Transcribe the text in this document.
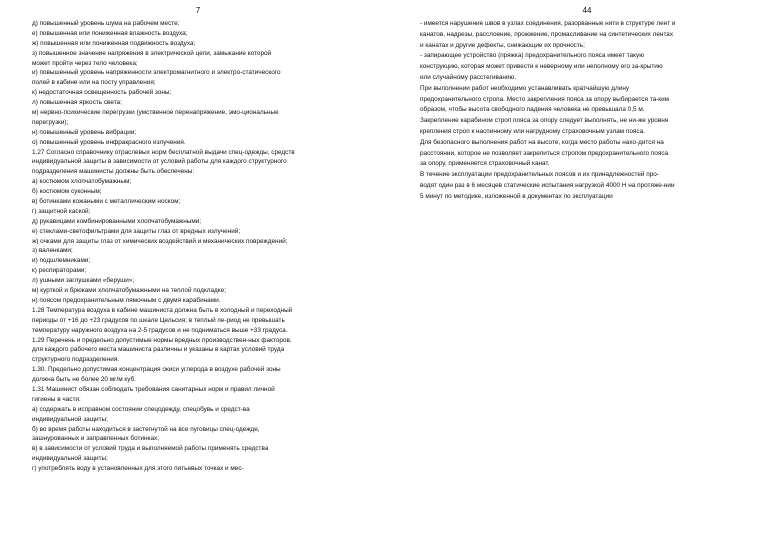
7
д) повышенный уровень шума на рабочем месте;
е) повышенная или пониженная влажность воздуха;
ж) повышенная или пониженная подвижность воздуха;
з) повышенное значение напряжения в электрической цепи, замыкание которой
может пройти через тело человека;
и) повышенный уровень напряженности электромагнитного и электро-статического
полей в кабине или на посту управления;
к) недостаточная освещенность рабочей зоны;
л) повышенная яркость света;
м) нервно-психические перегрузки (умственное перенапряжение, эмо-циональные
перегрузки);
н) повышенный уровень вибрации;
о) повышенный уровень инфракрасного излучения.
1.27 Согласно справочнику отраслевых норм бесплатной выдачи спец-одежды, средств
индивидуальной защиты в зависимости от условий работы для каждого структурного
подразделения машинисты должны быть обеспечены:
а) костюмом хлопчатобумажным;
б) костюмом суконным;
в) ботинками кожаными с металлическим носком;
г) защитной каской;
д) рукавицами комбинированными хлопчатобумажными;
е) стеклами-светофильтрами для защиты глаз от вредных излучений;
ж) очками для защиты глаз от химических воздействий и механических повреждений;
з) валенками;
и) подшлемниками;
к) респираторами;
л) ушными заглушками «беруши»;
м) курткой и брюками хлопчатобумажными на теплой подкладке;
н) поясом предохранительным лямочным с двумя карабинами.
1.28 Температура воздуха в кабине машиниста должна быть в холодный и переходный
периоды от +16 до +23 градусов по шкале Цельсия; в теплый пе-риод не превышать
температуру наружного воздуха на 2-5 градусов и не подниматься выше +33 градуса.
1.29 Перечень и предельно допустимые нормы вредных производствен-ных факторов,
для каждого рабочего места машиниста различны и указаны в картах условий труда
структурного подразделения.
1.30. Предельно допустимая концентрация окиси углерода в воздухе рабочей зоны
должна быть не более 20 мг/м куб.
1.31 Машинист обязан соблюдать требования санитарных норм и правил личной
гигиены в части:
а) содержать в исправном состоянии спецодежду, спецобувь и средст-ва
индивидуальной защиты;
б) во время работы находиться в застегнутой на все пуговицы спец-одежде,
зашнурованных и заправленных ботинках;
в) в зависимости от условий труда и выполняемой работы применять средства
индивидуальной защиты;
г) употреблять воду в установленных для этого питьевых точках и мес-
44
- имеется нарушение швов в узлах соединения, разорванные нити в структуре лент и
канатов, надрезы, расслоение, прожжение, промасливание на синтетических лентах
и канатах и другие дефекты, снижающие их прочность;
- запирающее устройство (пряжка) предохранительного пояса имеет такую
конструкцию, которая может привести к неверному или неполному его за-крытию
или случайному расстегиванию.
При выполнении работ необходимо устанавливать кратчайшую длину
предохранительного стропа. Место закрепления пояса за опору выбирается та-ким
образом, чтобы высота свободного падения человека не превышала 0,5 м.
Закрепление карабином строп пояса за опору следует выполнять, не ни-же уровня
крепления строп к наспинному или нагрудному страховочным узлам пояса.
Для безопасного выполнения работ на высоте, когда место работы нахо-дится на
расстоянии, которое не позволяет закрепиться стропом предохранительного пояса
за опору, применяется страховочный канат.
В течение эксплуатации предохранительных поясов и их принадлежностей про-
водят один раз в 6 месяцев статические испытания нагрузкой 4000 Н на протяже-нии
5 минут по методике, изложенной в документах по эксплуатации
